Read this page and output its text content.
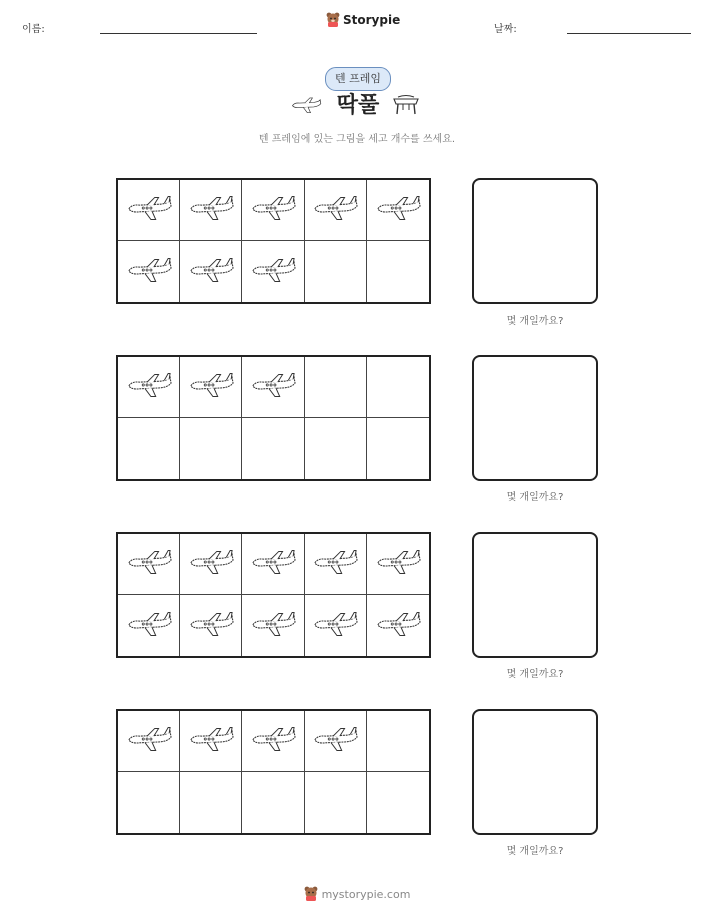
이름:
Storypie
날짜:
텐 프레임
딱풀
텐 프레임에 있는 그림을 세고 개수를 쓰세요.
몇 개일까요?
몇 개일까요?
몇 개일까요?
몇 개일까요?
mystorypie.com
